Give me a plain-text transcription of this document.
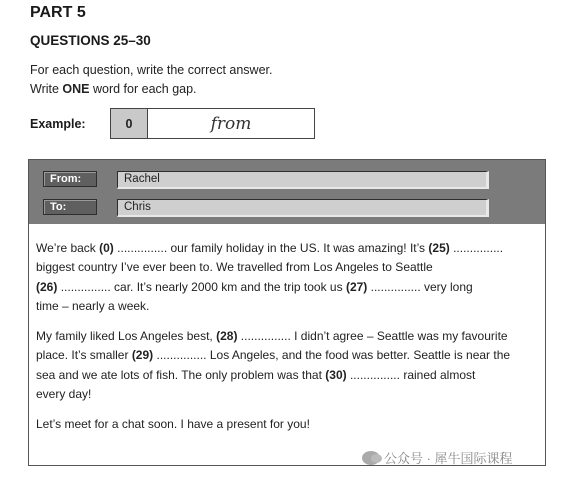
PART 5
QUESTIONS 25–30
For each question, write the correct answer.
Write ONE word for each gap.
Example:	0	from
From:	Rachel
To:	Chris

We’re back (0) ............... our family holiday in the US. It was amazing! It’s (25) ...............
biggest country I’ve ever been to. We travelled from Los Angeles to Seattle
(26) ............... car. It’s nearly 2000 km and the trip took us (27) ............... very long
time – nearly a week.

My family liked Los Angeles best, (28) ............... I didn’t agree – Seattle was my favourite
place. It’s smaller (29) ............... Los Angeles, and the food was better. Seattle is near the
sea and we ate lots of fish. The only problem was that (30) ............... rained almost
every day!

Let’s meet for a chat soon. I have a present for you!

公众号 · 犀牛国际课程
